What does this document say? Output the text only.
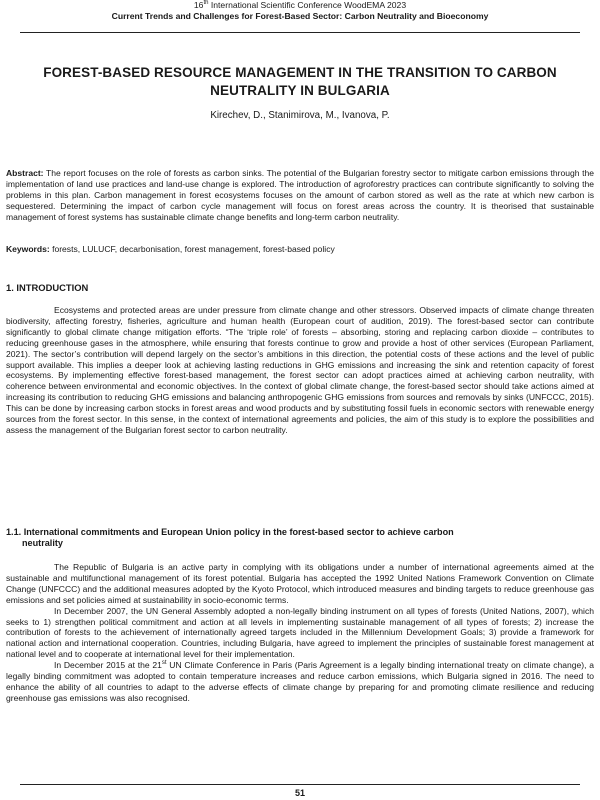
16th International Scientific Conference WoodEMA 2023
Current Trends and Challenges for Forest-Based Sector: Carbon Neutrality and Bioeconomy
FOREST-BASED RESOURCE MANAGEMENT IN THE TRANSITION TO CARBON NEUTRALITY IN BULGARIA
Kirechev, D., Stanimirova, M., Ivanova, P.
Abstract: The report focuses on the role of forests as carbon sinks. The potential of the Bulgarian forestry sector to mitigate carbon emissions through the implementation of land use practices and land-use change is explored. The introduction of agroforestry practices can contribute significantly to solving the problems in this plan. Carbon management in forest ecosystems focuses on the amount of carbon stored as well as the rate at which new carbon is sequestered. Determining the impact of carbon cycle management will focus on forest areas across the country. It is theorised that sustainable management of forest systems has sustainable climate change benefits and long-term carbon neutrality.
Keywords: forests, LULUCF, decarbonisation, forest management, forest-based policy
1. INTRODUCTION
Ecosystems and protected areas are under pressure from climate change and other stressors. Observed impacts of climate change threaten biodiversity, affecting forestry, fisheries, agriculture and human health (European court of audition, 2019). The forest-based sector can contribute significantly to global climate change mitigation efforts. “The ‘triple role’ of forests – absorbing, storing and replacing carbon dioxide – contributes to reducing greenhouse gases in the atmosphere, while ensuring that forests continue to grow and provide a host of other services (European Parliament, 2021). The sector’s contribution will depend largely on the sector’s ambitions in this direction, the potential costs of these actions and the level of public support available. This implies a deeper look at achieving lasting reductions in GHG emissions and increasing the sink and retention capacity of forest ecosystems. By implementing effective forest-based management, the forest sector can adopt practices aimed at achieving carbon neutrality, with coherence between environmental and economic objectives. In the context of global climate change, the forest-based sector should take actions aimed at increasing its contribution to reducing GHG emissions and balancing anthropogenic GHG emissions from sources and removals by sinks (UNFCCC, 2015). This can be done by increasing carbon stocks in forest areas and wood products and by substituting fossil fuels in economic sectors with renewable energy sources from the forest sector. In this sense, in the context of international agreements and policies, the aim of this study is to explore the possibilities and assess the management of the Bulgarian forest sector to carbon neutrality.
1.1. International commitments and European Union policy in the forest-based sector to achieve carbon
neutrality

The Republic of Bulgaria is an active party in complying with its obligations under a number of international agreements aimed at the sustainable and multifunctional management of its forest potential. Bulgaria has accepted the 1992 United Nations Framework Convention on Climate Change (UNFCCC) and the additional measures adopted by the Kyoto Protocol, which introduced measures and binding targets to reduce greenhouse gas emissions and set policies aimed at sustainability in socio-economic terms.

In December 2007, the UN General Assembly adopted a non-legally binding instrument on all types of forests (United Nations, 2007), which seeks to 1) strengthen political commitment and action at all levels in implementing sustainable management of all types of forests; 2) increase the contribution of forests to the achievement of internationally agreed targets included in the Millennium Development Goals; 3) provide a framework for national action and international cooperation. Countries, including Bulgaria, have agreed to implement the principles of sustainable forest management at national level and to cooperate at international level for their implementation.

In December 2015 at the 21st UN Climate Conference in Paris (Paris Agreement is a legally binding international treaty on climate change), a legally binding commitment was adopted to contain temperature increases and reduce carbon emissions, which Bulgaria signed in 2016. The need to enhance the ability of all countries to adapt to the adverse effects of climate change by preparing for and promoting climate resilience and reducing greenhouse gas emissions was also recognised.

51
